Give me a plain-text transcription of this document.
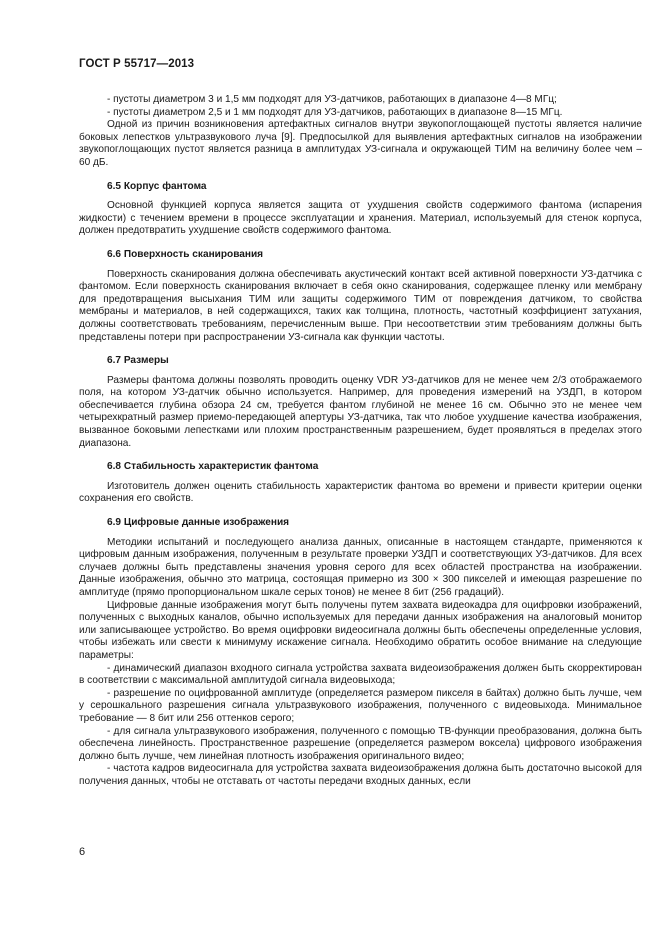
ГОСТ Р 55717—2013

- пустоты диаметром 3 и 1,5 мм подходят для УЗ-датчиков, работающих в диапазоне 4—8 МГц;

- пустоты диаметром 2,5 и 1 мм подходят для УЗ-датчиков, работающих в диапазоне 8—15 МГц.

Одной из причин возникновения артефактных сигналов внутри звукопоглощающей пустоты является наличие боковых лепестков ультразвукового луча [9]. Предпосылкой для выявления артефактных сигналов на изображении звукопоглощающих пустот является разница в амплитудах УЗ-сигнала и окружающей ТИМ на величину более чем – 60 дБ.

6.5 Корпус фантома

Основной функцией корпуса является защита от ухудшения свойств содержимого фантома (испарения жидкости) с течением времени в процессе эксплуатации и хранения. Материал, используемый для стенок корпуса, должен предотвратить ухудшение свойств содержимого фантома.

6.6 Поверхность сканирования

Поверхность сканирования должна обеспечивать акустический контакт всей активной поверхности УЗ-датчика с фантомом. Если поверхность сканирования включает в себя окно сканирования, содержащее пленку или мембрану для предотвращения высыхания ТИМ или защиты содержимого ТИМ от повреждения датчиком, то свойства мембраны и материалов, в ней содержащихся, таких как толщина, плотность, частотный коэффициент затухания, должны соответствовать требованиям, перечисленным выше. При несоответствии этим требованиям должны быть представлены потери при распространении УЗ-сигнала как функции частоты.

6.7 Размеры

Размеры фантома должны позволять проводить оценку VDR УЗ-датчиков для не менее чем 2/3 отображаемого поля, на котором УЗ-датчик обычно используется. Например, для проведения измерений на УЗДП, в котором обеспечивается глубина обзора 24 см, требуется фантом глубиной не менее 16 см. Обычно это не менее чем четырехкратный размер приемо-передающей апертуры УЗ-датчика, так что любое ухудшение качества изображения, вызванное боковыми лепестками или плохим пространственным разрешением, будет проявляться в пределах этого диапазона.

6.8 Стабильность характеристик фантома

Изготовитель должен оценить стабильность характеристик фантома во времени и привести критерии оценки сохранения его свойств.

6.9 Цифровые данные изображения

Методики испытаний и последующего анализа данных, описанные в настоящем стандарте, применяются к цифровым данным изображения, полученным в результате проверки УЗДП и соответствующих УЗ-датчиков. Для всех случаев должны быть представлены значения уровня серого для всех областей пространства на изображении. Данные изображения, обычно это матрица, состоящая примерно из 300 × 300 пикселей и имеющая разрешение по амплитуде (прямо пропорциональном шкале серых тонов) не менее 8 бит (256 градаций).

Цифровые данные изображения могут быть получены путем захвата видеокадра для оцифровки изображений, полученных с выходных каналов, обычно используемых для передачи данных изображения на аналоговый монитор или записывающее устройство. Во время оцифровки видеосигнала должны быть обеспечены определенные условия, чтобы избежать или свести к минимуму искажение сигнала. Необходимо обратить особое внимание на следующие параметры:

- динамический диапазон входного сигнала устройства захвата видеоизображения должен быть скорректирован в соответствии с максимальной амплитудой сигнала видеовыхода;

- разрешение по оцифрованной амплитуде (определяется размером пикселя в байтах) должно быть лучше, чем у серошкального разрешения сигнала ультразвукового изображения, полученного с видеовыхода. Минимальное требование — 8 бит или 256 оттенков серого;

- для сигнала ультразвукового изображения, полученного с помощью ТВ-функции преобразования, должна быть обеспечена линейность. Пространственное разрешение (определяется размером воксела) цифрового изображения должно быть лучше, чем линейная плотность изображения оригинального видео;

- частота кадров видеосигнала для устройства захвата видеоизображения должна быть достаточно высокой для получения данных, чтобы не отставать от частоты передачи входных данных, если

6
